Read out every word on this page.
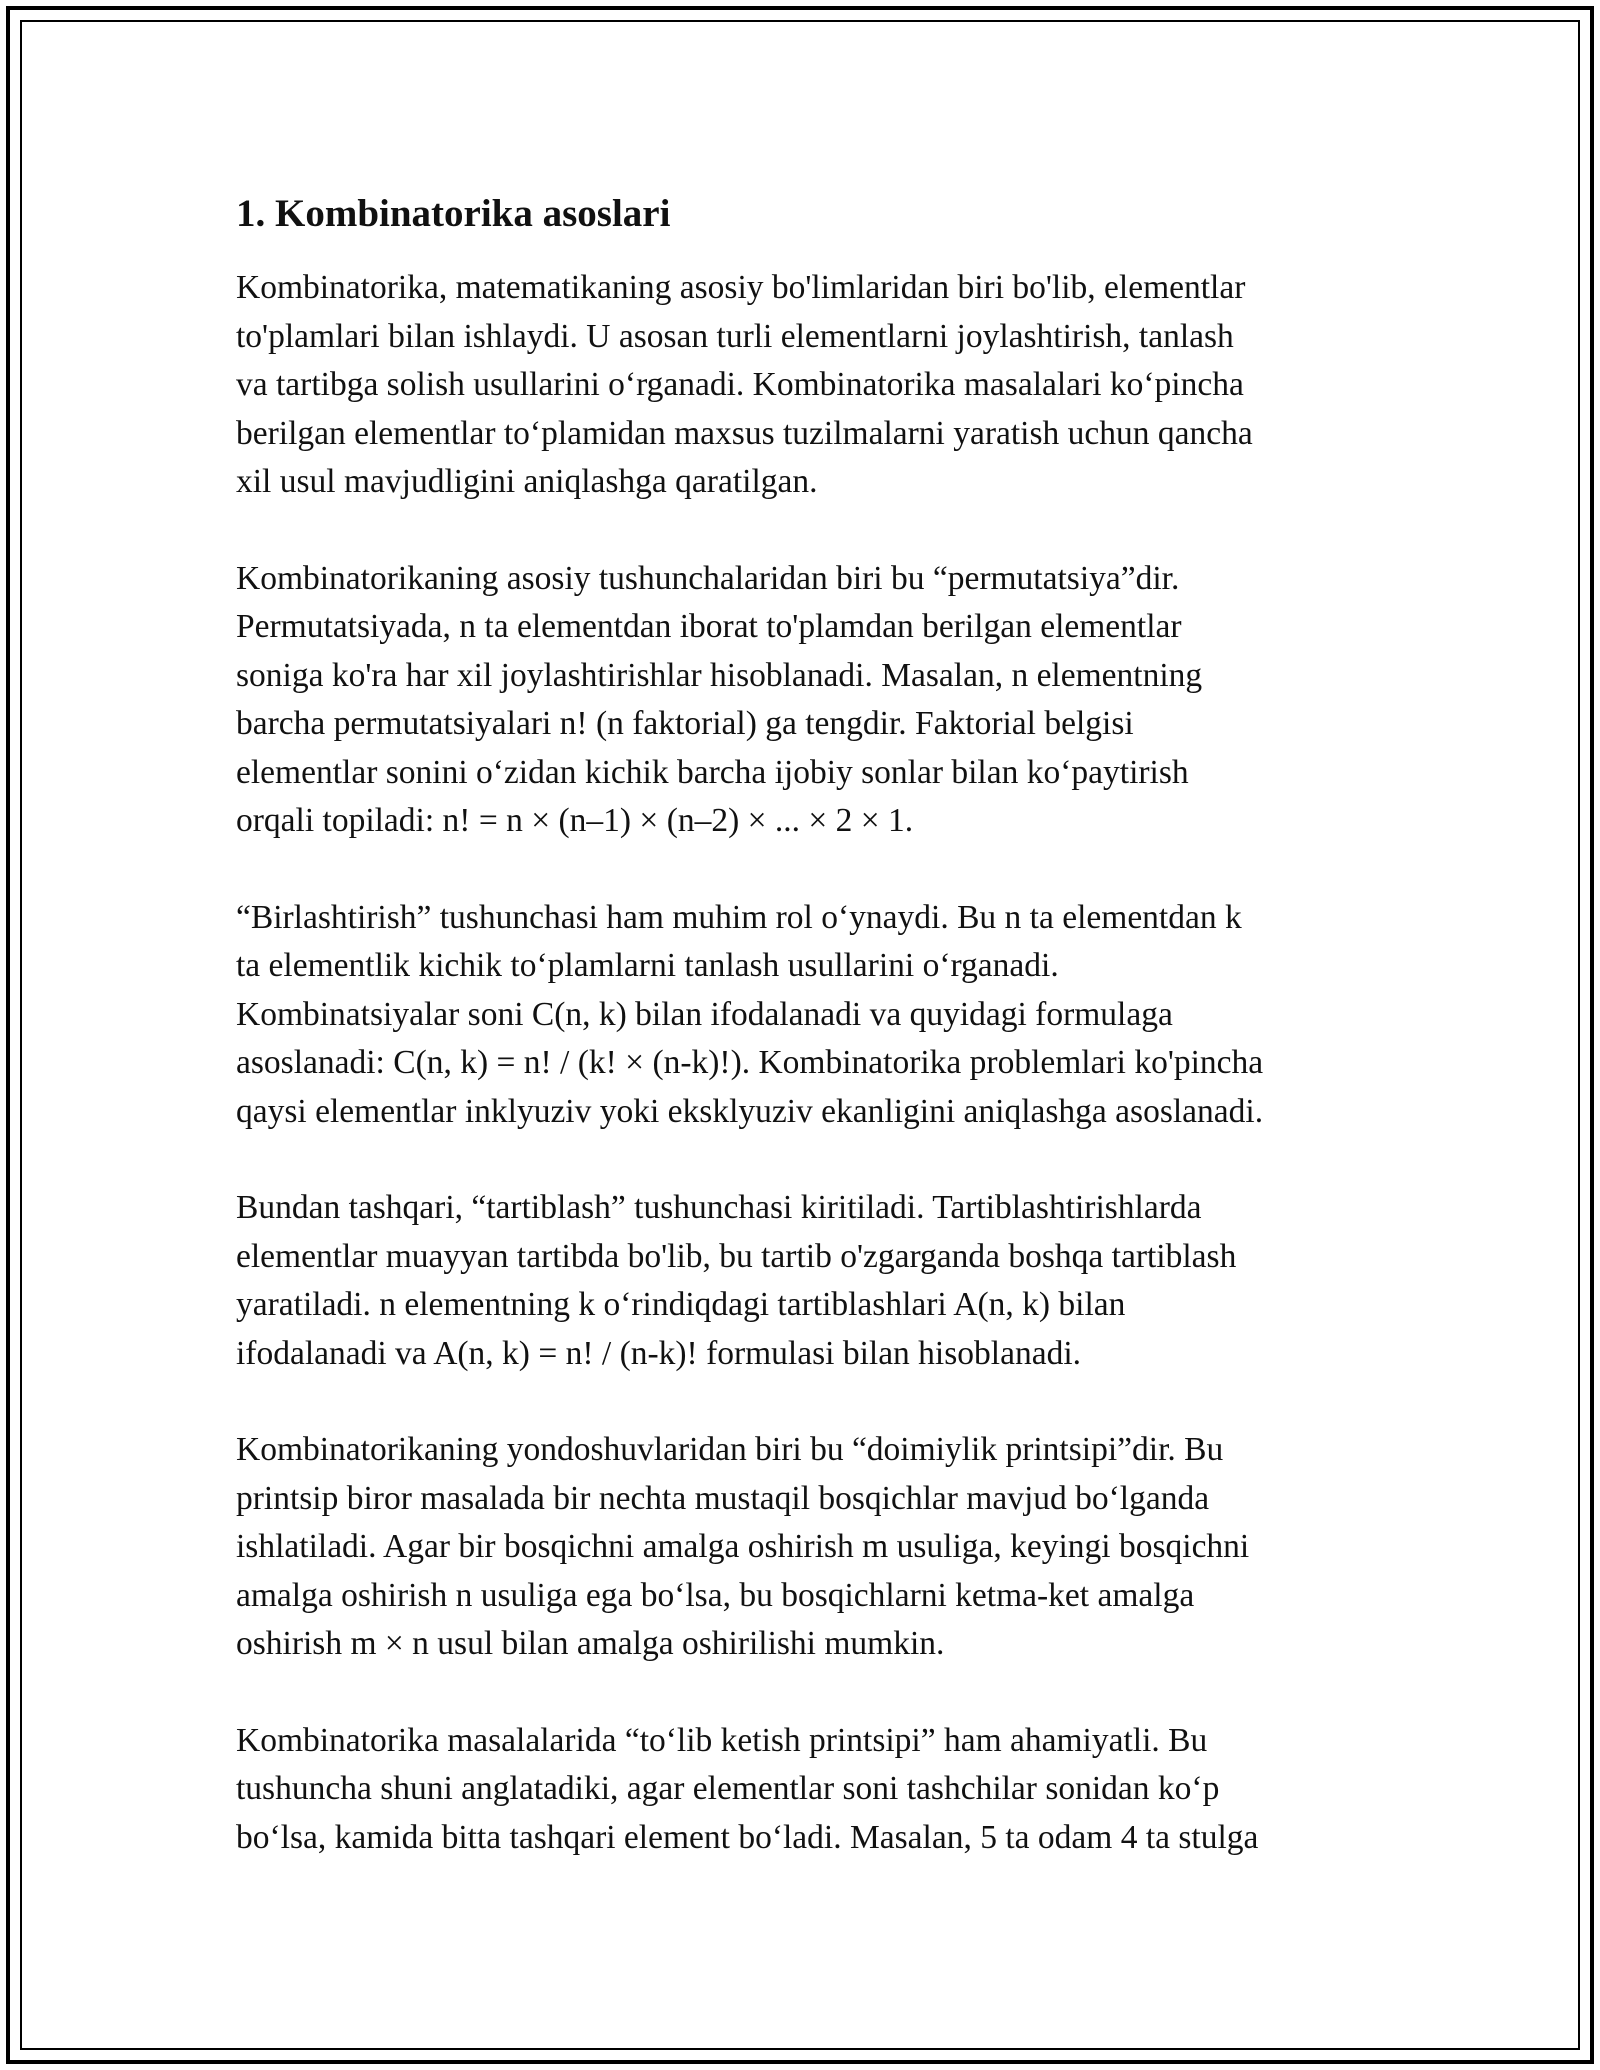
1. Kombinatorika asoslari
Kombinatorika, matematikaning asosiy bo'limlaridan biri bo'lib, elementlar
to'plamlari bilan ishlaydi. U asosan turli elementlarni joylashtirish, tanlash
va tartibga solish usullarini o‘rganadi. Kombinatorika masalalari ko‘pincha
berilgan elementlar to‘plamidan maxsus tuzilmalarni yaratish uchun qancha
xil usul mavjudligini aniqlashga qaratilgan.
Kombinatorikaning asosiy tushunchalaridan biri bu “permutatsiya”dir.
Permutatsiyada, n ta elementdan iborat to'plamdan berilgan elementlar
soniga ko'ra har xil joylashtirishlar hisoblanadi. Masalan, n elementning
barcha permutatsiyalari n! (n faktorial) ga tengdir. Faktorial belgisi
elementlar sonini o‘zidan kichik barcha ijobiy sonlar bilan ko‘paytirish
orqali topiladi: n! = n × (n–1) × (n–2) × ... × 2 × 1.
“Birlashtirish” tushunchasi ham muhim rol o‘ynaydi. Bu n ta elementdan k
ta elementlik kichik to‘plamlarni tanlash usullarini o‘rganadi.
Kombinatsiyalar soni C(n, k) bilan ifodalanadi va quyidagi formulaga
asoslanadi: C(n, k) = n! / (k! × (n-k)!). Kombinatorika problemlari ko'pincha
qaysi elementlar inklyuziv yoki eksklyuziv ekanligini aniqlashga asoslanadi.
Bundan tashqari, “tartiblash” tushunchasi kiritiladi. Tartiblashtirishlarda
elementlar muayyan tartibda bo'lib, bu tartib o'zgarganda boshqa tartiblash
yaratiladi. n elementning k o‘rindiqdagi tartiblashlari A(n, k) bilan
ifodalanadi va A(n, k) = n! / (n-k)! formulasi bilan hisoblanadi.
Kombinatorikaning yondoshuvlaridan biri bu “doimiylik printsipi”dir. Bu
printsip biror masalada bir nechta mustaqil bosqichlar mavjud bo‘lganda
ishlatiladi. Agar bir bosqichni amalga oshirish m usuliga, keyingi bosqichni
amalga oshirish n usuliga ega bo‘lsa, bu bosqichlarni ketma-ket amalga
oshirish m × n usul bilan amalga oshirilishi mumkin.
Kombinatorika masalalarida “to‘lib ketish printsipi” ham ahamiyatli. Bu
tushuncha shuni anglatadiki, agar elementlar soni tashchilar sonidan ko‘p
bo‘lsa, kamida bitta tashqari element bo‘ladi. Masalan, 5 ta odam 4 ta stulga
